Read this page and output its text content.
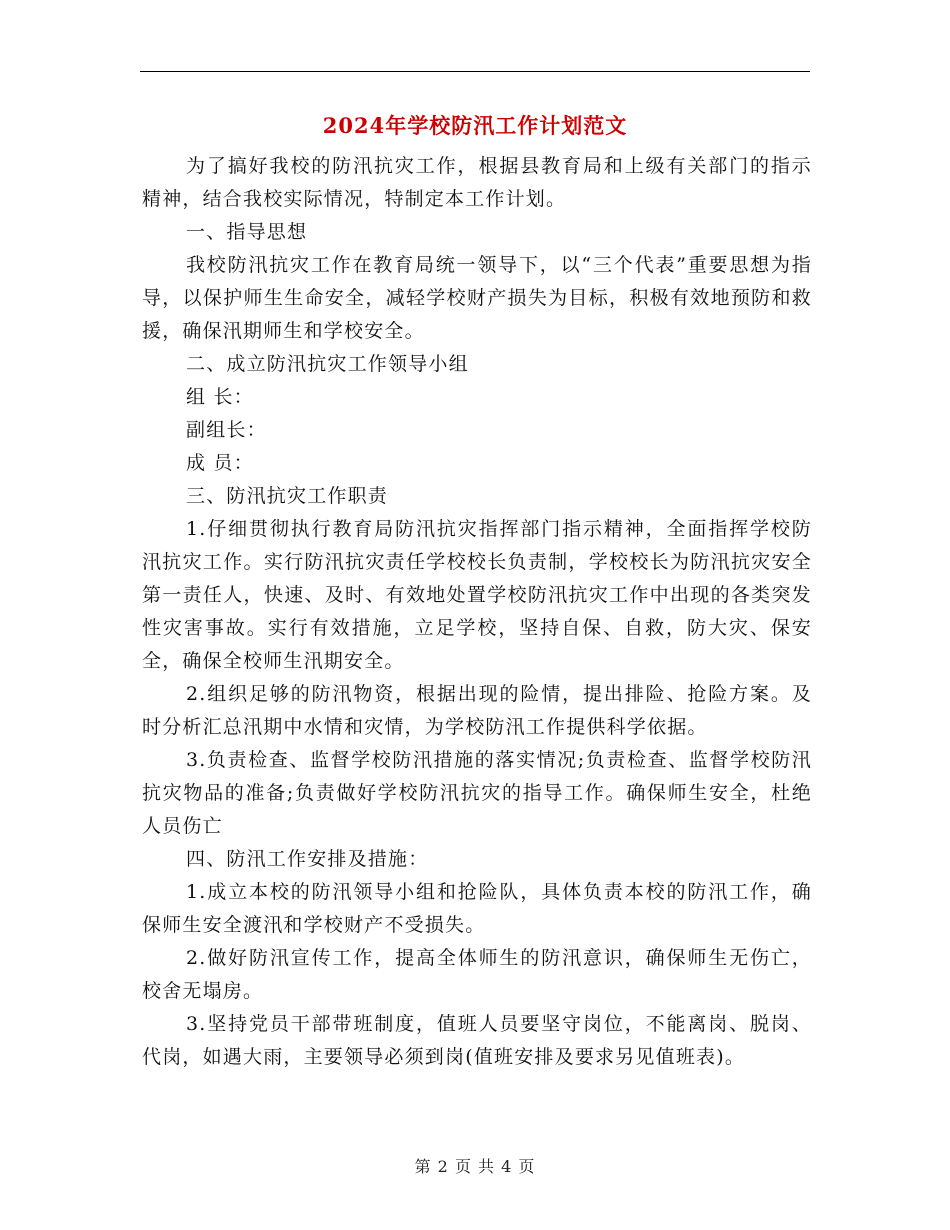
2024年学校防汛工作计划范文

为了搞好我校的防汛抗灾工作，根据县教育局和上级有关部门的指示精神，结合我校实际情况，特制定本工作计划。

一、指导思想

我校防汛抗灾工作在教育局统一领导下，以“三个代表”重要思想为指导，以保护师生生命安全，减轻学校财产损失为目标，积极有效地预防和救援，确保汛期师生和学校安全。

二、成立防汛抗灾工作领导小组

组 长：

副组长：

成 员：

三、防汛抗灾工作职责

1.仔细贯彻执行教育局防汛抗灾指挥部门指示精神，全面指挥学校防汛抗灾工作。实行防汛抗灾责任学校校长负责制，学校校长为防汛抗灾安全第一责任人，快速、及时、有效地处置学校防汛抗灾工作中出现的各类突发性灾害事故。实行有效措施，立足学校，坚持自保、自救，防大灾、保安全，确保全校师生汛期安全。

2.组织足够的防汛物资，根据出现的险情，提出排险、抢险方案。及时分析汇总汛期中水情和灾情，为学校防汛工作提供科学依据。

3.负责检查、监督学校防汛措施的落实情况;负责检查、监督学校防汛抗灾物品的准备;负责做好学校防汛抗灾的指导工作。确保师生安全，杜绝人员伤亡

四、防汛工作安排及措施：

1.成立本校的防汛领导小组和抢险队，具体负责本校的防汛工作，确保师生安全渡汛和学校财产不受损失。

2.做好防汛宣传工作，提高全体师生的防汛意识，确保师生无伤亡，校舍无塌房。

3.坚持党员干部带班制度，值班人员要坚守岗位，不能离岗、脱岗、代岗，如遇大雨，主要领导必须到岗(值班安排及要求另见值班表)。

第 2 页 共 4 页
